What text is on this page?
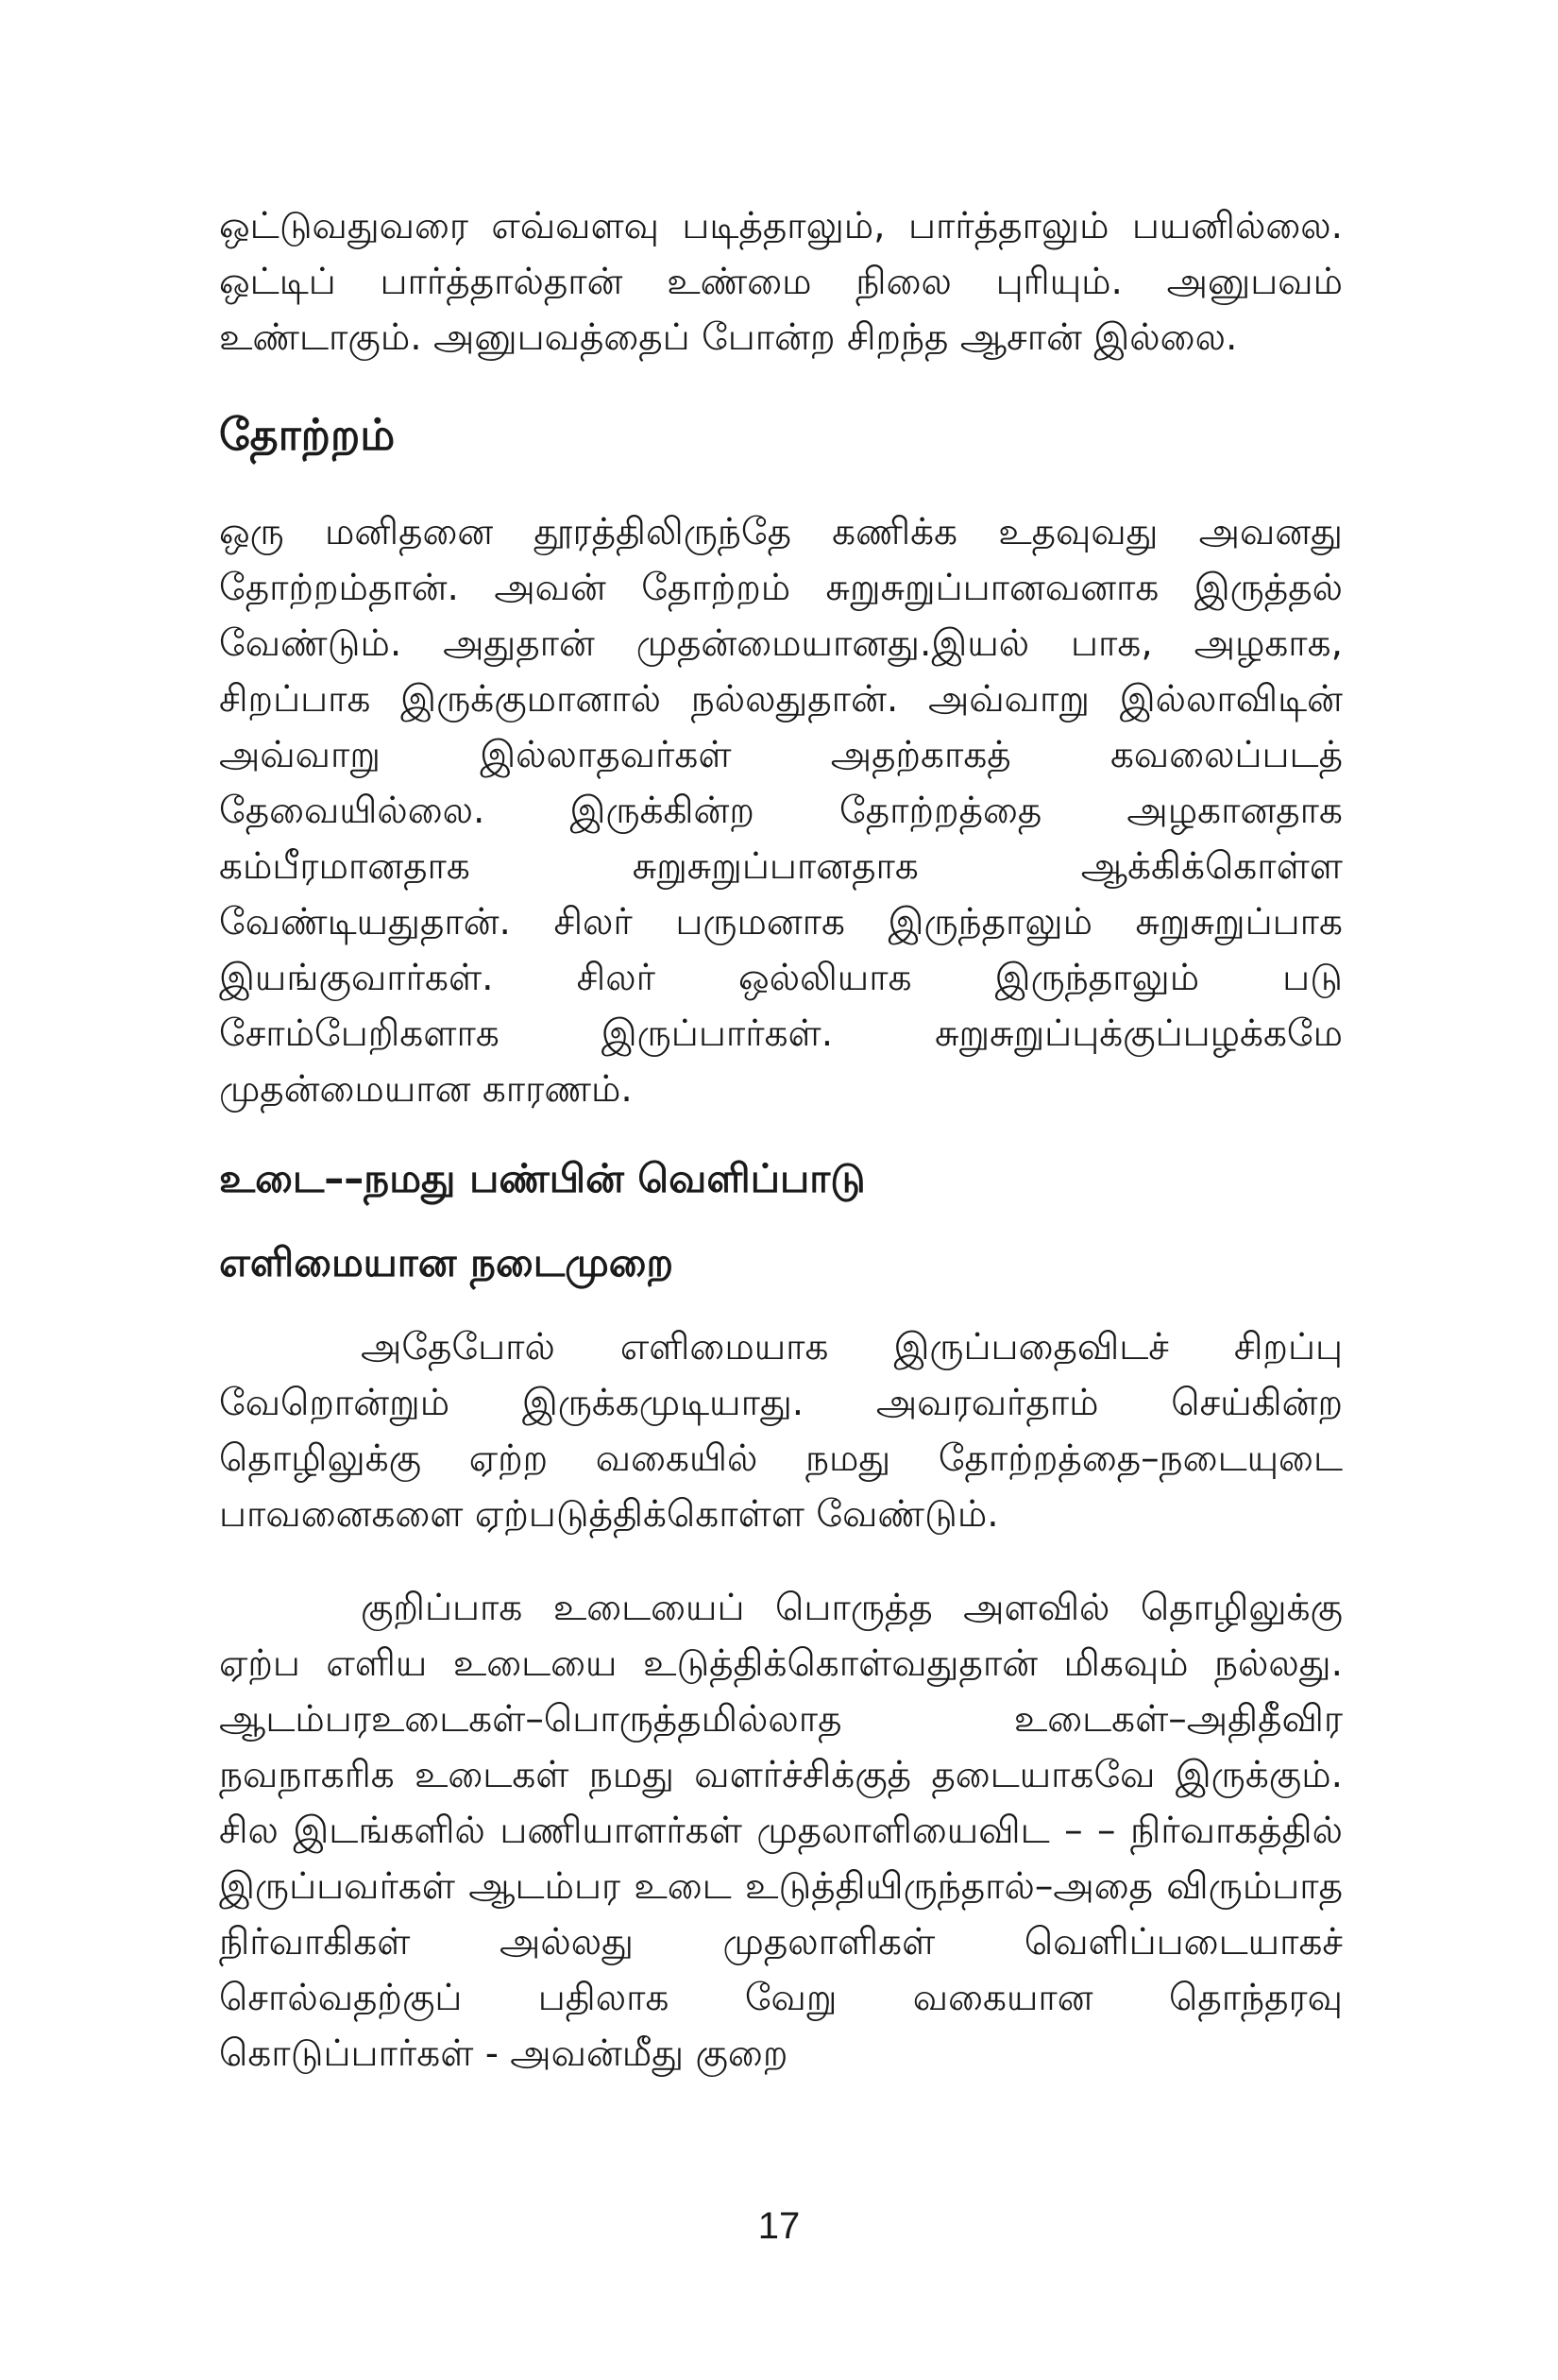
ஒட்டுவதுவரை எவ்வளவு படித்தாலும், பார்த்தாலும் பயனில்லை. ஒட்டிப் பார்த்தால்தான் உண்மை நிலை புரியும். அனுபவம் உண்டாகும். அனுபவத்தைப் போன்ற சிறந்த ஆசான் இல்லை.

தோற்றம்

ஒரு மனிதனை தூரத்திலிருந்தே கணிக்க உதவுவது அவனது தோற்றம்தான். அவன் தோற்றம் சுறுசுறுப்பானவனாக இருத்தல் வேண்டும். அதுதான் முதன்மையானது.இயல் பாக, அழகாக, சிறப்பாக இருக்குமானால் நல்லதுதான். அவ்வாறு இல்லாவிடின் அவ்வாறு இல்லாதவர்கள் அதற்காகத் கவலைப்படத் தேவையில்லை. இருக்கின்ற தோற்றத்தை அழகானதாக கம்பீரமானதாக சுறுசுறுப்பானதாக ஆக்கிக்கொள்ள வேண்டியதுதான். சிலர் பருமனாக இருந்தாலும் சுறுசுறுப்பாக இயங்குவார்கள். சிலர் ஒல்லியாக இருந்தாலும் படு சோம்பேறிகளாக இருப்பார்கள். சுறுசுறுப்புக்குப்பழக்கமே முதன்மையான காரணம்.

உடை––நமது பண்பின் வெளிப்பாடு
எளிமையான நடைமுறை

அதேபோல் எளிமையாக இருப்பதைவிடச் சிறப்பு வேறொன்றும் இருக்கமுடியாது. அவரவர்தாம் செய்கின்ற தொழிலுக்கு ஏற்ற வகையில் நமது தோற்றத்தை–நடையுடை பாவனைகளை ஏற்படுத்திக்கொள்ள வேண்டும்.

குறிப்பாக உடையைப் பொருத்த அளவில் தொழிலுக்கு ஏற்ப எளிய உடையை உடுத்திக்கொள்வதுதான் மிகவும் நல்லது. ஆடம்பரஉடைகள்–பொருத்தமில்லாத உடைகள்–அதிதீவிர நவநாகரிக உடைகள் நமது வளர்ச்சிக்குத் தடையாகவே இருக்கும். சில இடங்களில் பணியாளர்கள் முதலாளியைவிட – – நிர்வாகத்தில் இருப்பவர்கள் ஆடம்பர உடை உடுத்தியிருந்தால்–அதை விரும்பாத நிர்வாகிகள் அல்லது முதலாளிகள் வெளிப்படையாகச் சொல்வதற்குப் பதிலாக வேறு வகையான தொந்தரவு கொடுப்பார்கள் - அவன்மீது குறை

17
